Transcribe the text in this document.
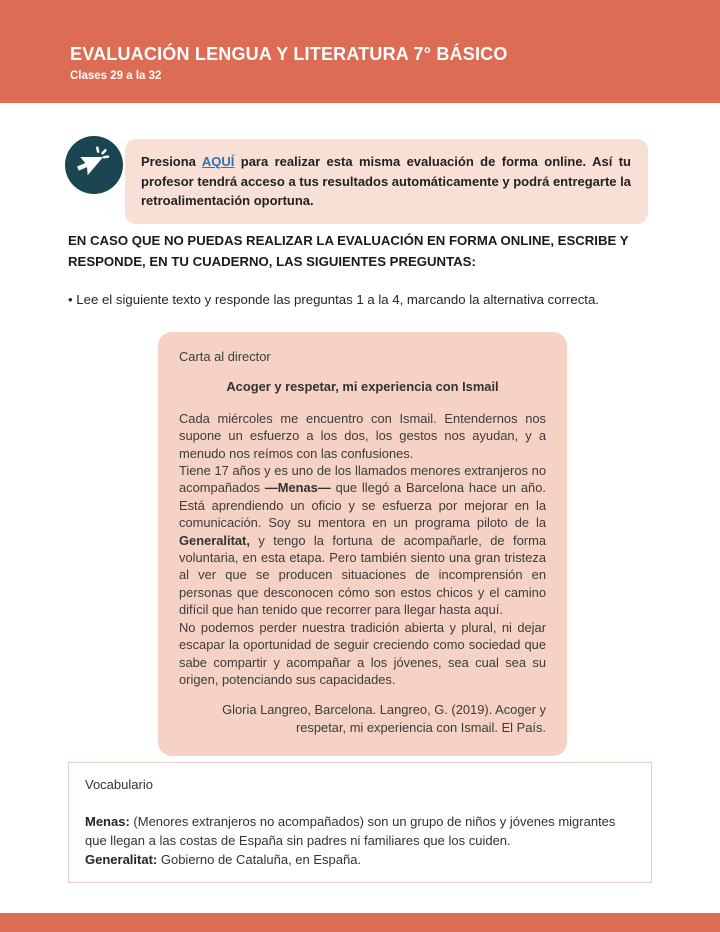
EVALUACIÓN LENGUA Y LITERATURA 7° BÁSICO
Clases 29 a la 32
Presiona AQUÍ para realizar esta misma evaluación de forma online. Así tu profesor tendrá acceso a tus resultados automáticamente y podrá entregarte la retroalimentación oportuna.
EN CASO QUE NO PUEDAS REALIZAR LA EVALUACIÓN EN FORMA ONLINE, ESCRIBE Y RESPONDE, EN TU CUADERNO, LAS SIGUIENTES PREGUNTAS:
• Lee el siguiente texto y responde las preguntas 1 a la 4, marcando la alternativa correcta.
Carta al director
Acoger y respetar, mi experiencia con Ismail

Cada miércoles me encuentro con Ismail. Entendernos nos supone un esfuerzo a los dos, los gestos nos ayudan, y a menudo nos reímos con las confusiones.

Tiene 17 años y es uno de los llamados menores extranjeros no acompañados —Menas— que llegó a Barcelona hace un año. Está aprendiendo un oficio y se esfuerza por mejorar en la comunicación. Soy su mentora en un programa piloto de la Generalitat, y tengo la fortuna de acompañarle, de forma voluntaria, en esta etapa. Pero también siento una gran tristeza al ver que se producen situaciones de incomprensión en personas que desconocen cómo son estos chicos y el camino difícil que han tenido que recorrer para llegar hasta aquí.

No podemos perder nuestra tradición abierta y plural, ni dejar escapar la oportunidad de seguir creciendo como sociedad que sabe compartir y acompañar a los jóvenes, sea cual sea su origen, potenciando sus capacidades.

Gloria Langreo, Barcelona. Langreo, G. (2019). Acoger y respetar, mi experiencia con Ismail. El País.
Vocabulario
Menas: (Menores extranjeros no acompañados) son un grupo de niños y jóvenes migrantes que llegan a las costas de España sin padres ni familiares que los cuiden.
Generalitat: Gobierno de Cataluña, en España.
